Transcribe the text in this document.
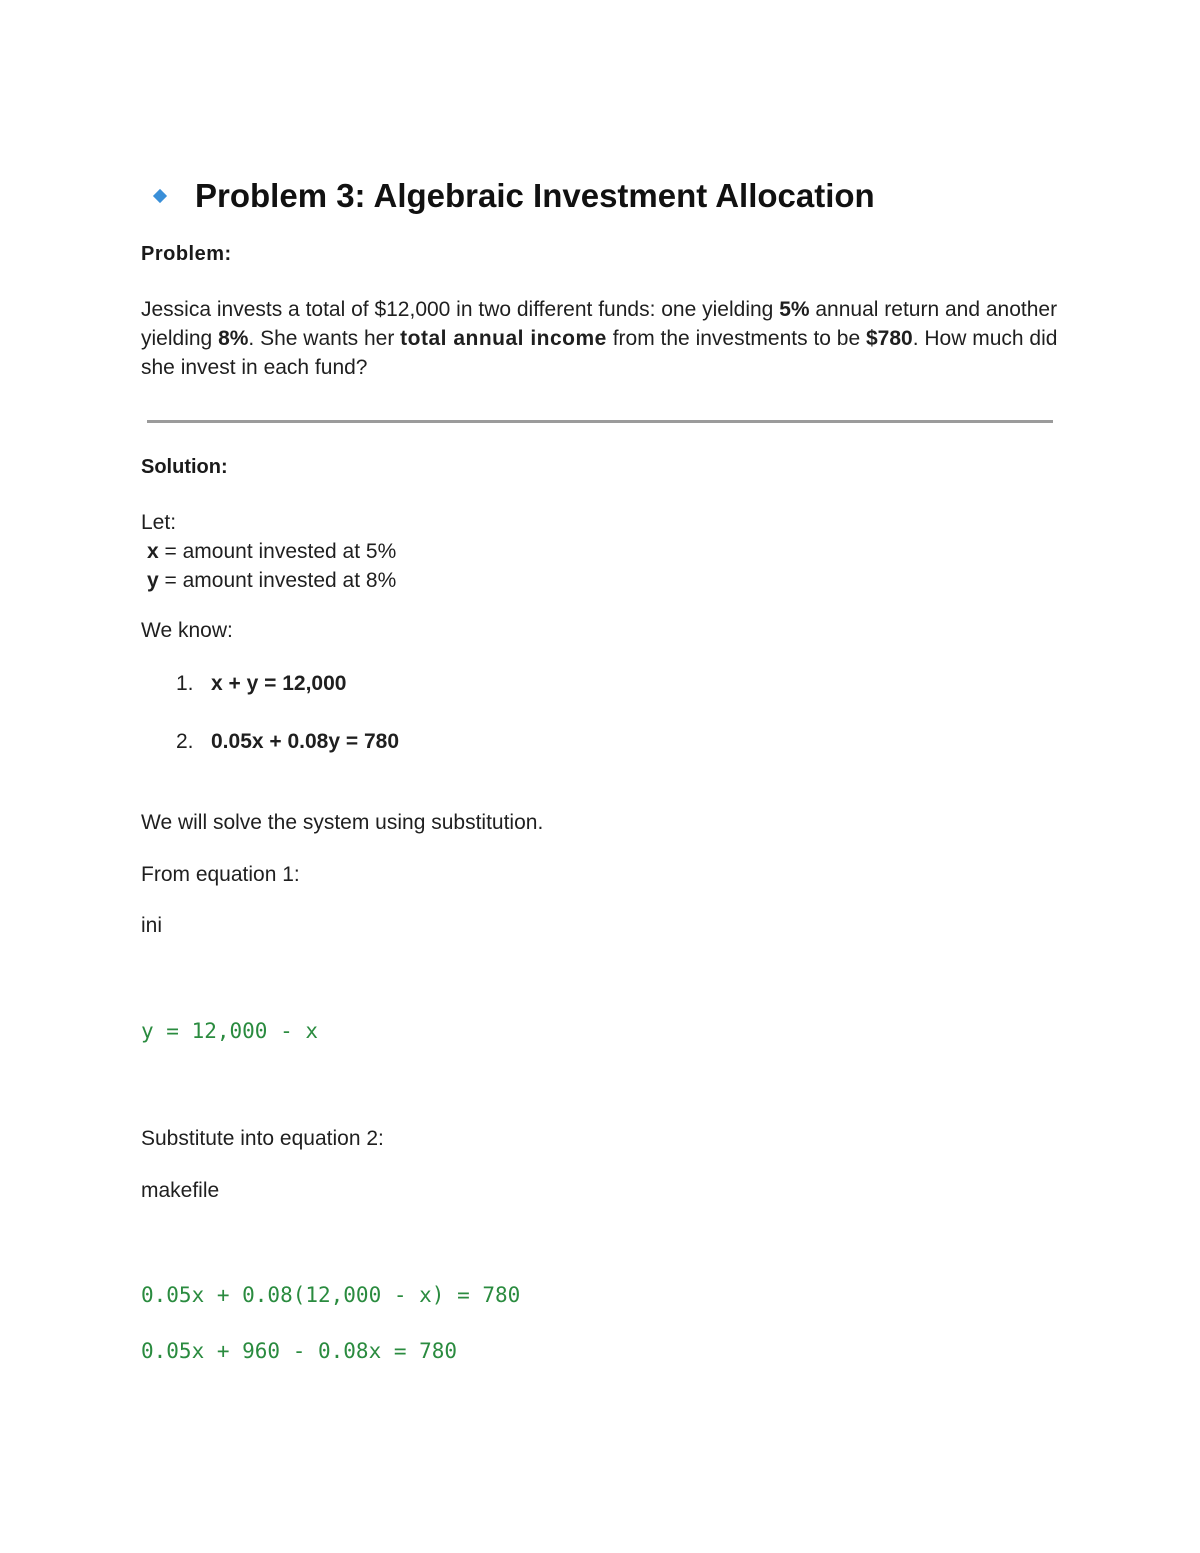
Problem 3: Algebraic Investment Allocation
Problem:
Jessica invests a total of $12,000 in two different funds: one yielding 5% annual return and another yielding 8%. She wants her total annual income from the investments to be $780. How much did she invest in each fund?
Solution:
Let:
x = amount invested at 5%
y = amount invested at 8%
We know:
1. x + y = 12,000
2. 0.05x + 0.08y = 780
We will solve the system using substitution.
From equation 1:
ini
y = 12,000 - x
Substitute into equation 2:
makefile
0.05x + 0.08(12,000 - x) = 780
0.05x + 960 - 0.08x = 780
